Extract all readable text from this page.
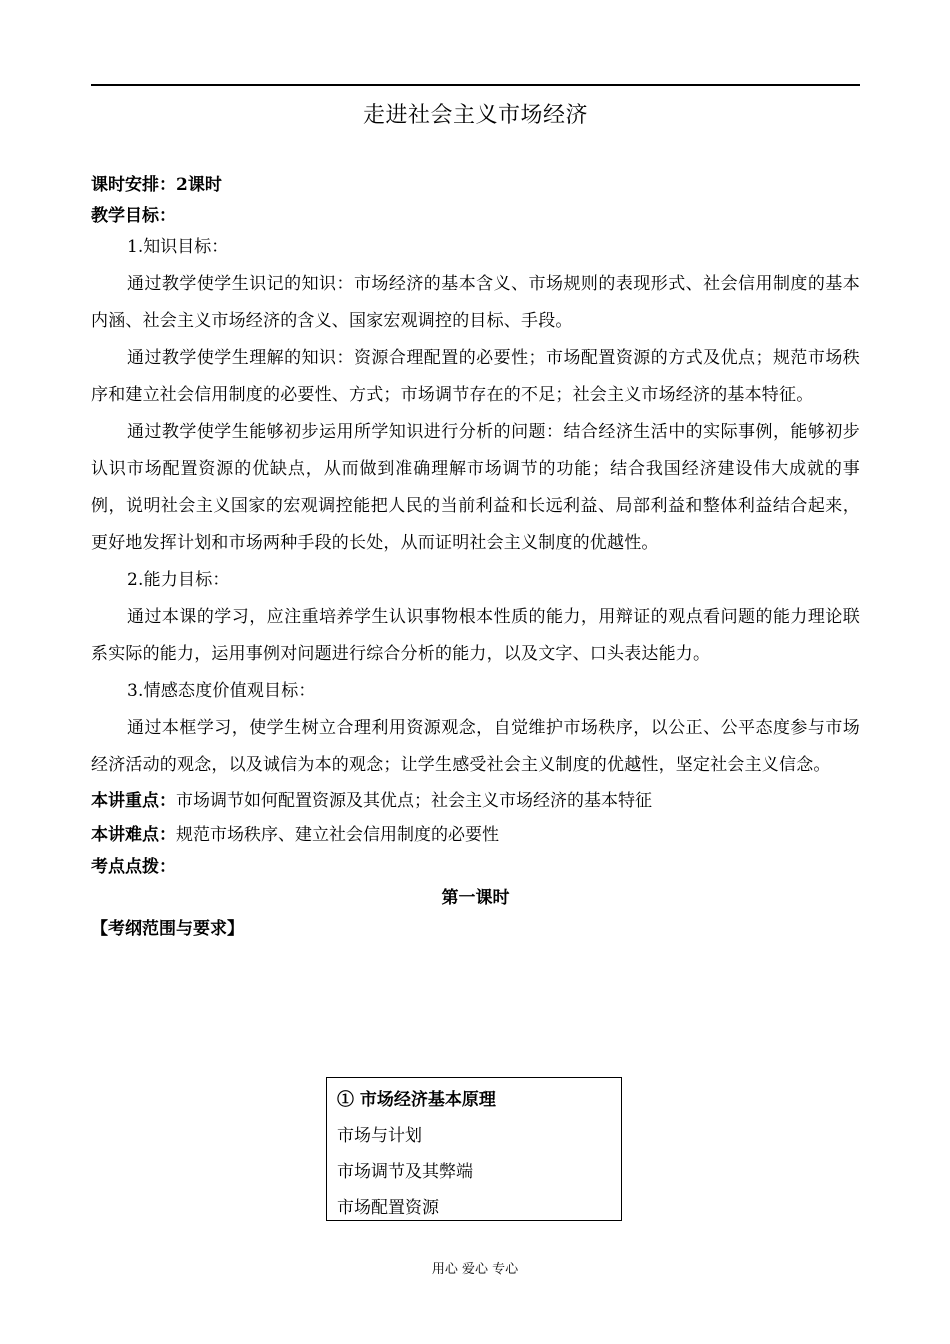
走进社会主义市场经济

课时安排：2课时

教学目标：

1.知识目标：

通过教学使学生识记的知识：市场经济的基本含义、市场规则的表现形式、社会信用制度的基本内涵、社会主义市场经济的含义、国家宏观调控的目标、手段。

通过教学使学生理解的知识：资源合理配置的必要性；市场配置资源的方式及优点；规范市场秩序和建立社会信用制度的必要性、方式；市场调节存在的不足；社会主义市场经济的基本特征。

通过教学使学生能够初步运用所学知识进行分析的问题：结合经济生活中的实际事例，能够初步认识市场配置资源的优缺点，从而做到准确理解市场调节的功能；结合我国经济建设伟大成就的事例，说明社会主义国家的宏观调控能把人民的当前利益和长远利益、局部利益和整体利益结合起来，更好地发挥计划和市场两种手段的长处，从而证明社会主义制度的优越性。

2.能力目标：

通过本课的学习，应注重培养学生认识事物根本性质的能力，用辩证的观点看问题的能力理论联系实际的能力，运用事例对问题进行综合分析的能力，以及文字、口头表达能力。

3.情感态度价值观目标：

通过本框学习，使学生树立合理利用资源观念，自觉维护市场秩序，以公正、公平态度参与市场经济活动的观念，以及诚信为本的观念；让学生感受社会主义制度的优越性，坚定社会主义信念。

本讲重点：市场调节如何配置资源及其优点；社会主义市场经济的基本特征

本讲难点：规范市场秩序、建立社会信用制度的必要性

考点点拨：

第一课时

【考纲范围与要求】

① 市场经济基本原理
市场与计划
市场调节及其弊端
市场配置资源
用心 爱心 专心
